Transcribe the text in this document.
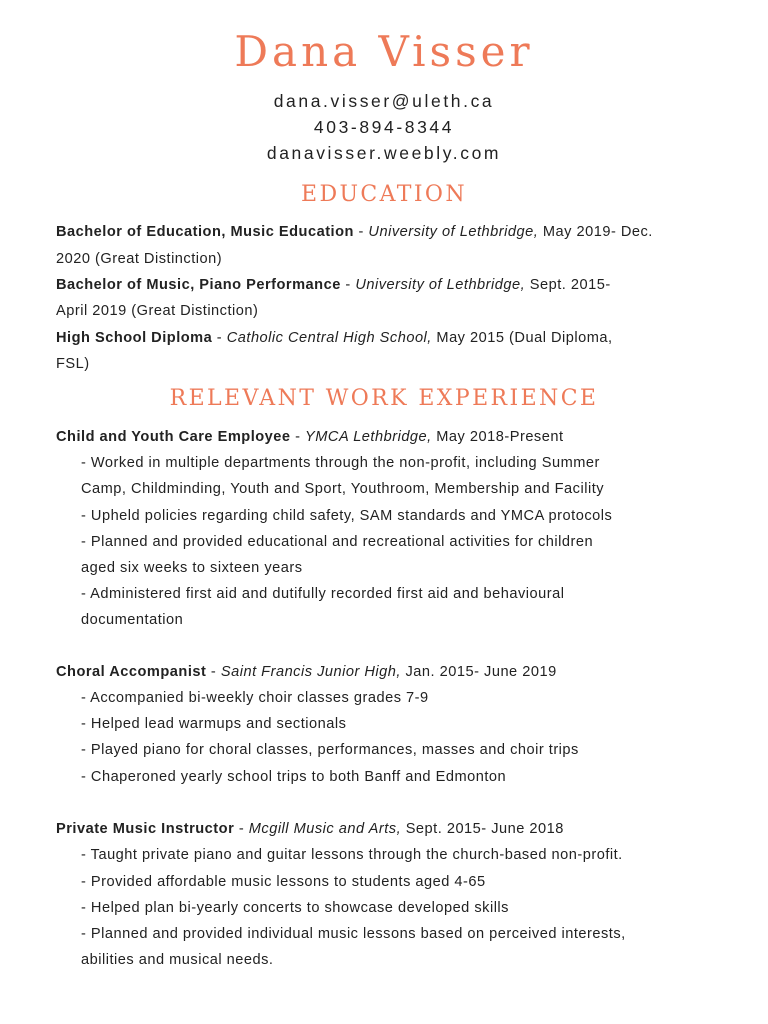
Dana Visser
dana.visser@uleth.ca
403-894-8344
danavisser.weebly.com
EDUCATION
Bachelor of Education, Music Education - University of Lethbridge, May 2019- Dec.
2020 (Great Distinction)
Bachelor of Music, Piano Performance - University of Lethbridge, Sept. 2015-
April 2019 (Great Distinction)
High School Diploma - Catholic Central High School, May 2015 (Dual Diploma,
FSL)
RELEVANT WORK EXPERIENCE
Child and Youth Care Employee - YMCA Lethbridge, May 2018-Present
- Worked in multiple departments through the non-profit, including Summer
Camp, Childminding, Youth and Sport, Youthroom, Membership and Facility
- Upheld policies regarding child safety, SAM standards and YMCA protocols
- Planned and provided educational and recreational activities for children
aged six weeks to sixteen years
- Administered first aid and dutifully recorded first aid and behavioural
documentation
Choral Accompanist - Saint Francis Junior High, Jan. 2015- June 2019
- Accompanied bi-weekly choir classes grades 7-9
- Helped lead warmups and sectionals
- Played piano for choral classes, performances, masses and choir trips
- Chaperoned yearly school trips to both Banff and Edmonton
Private Music Instructor - Mcgill Music and Arts, Sept. 2015- June 2018
- Taught private piano and guitar lessons through the church-based non-profit.
- Provided affordable music lessons to students aged 4-65
- Helped plan bi-yearly concerts to showcase developed skills
- Planned and provided individual music lessons based on perceived interests,
abilities and musical needs.
